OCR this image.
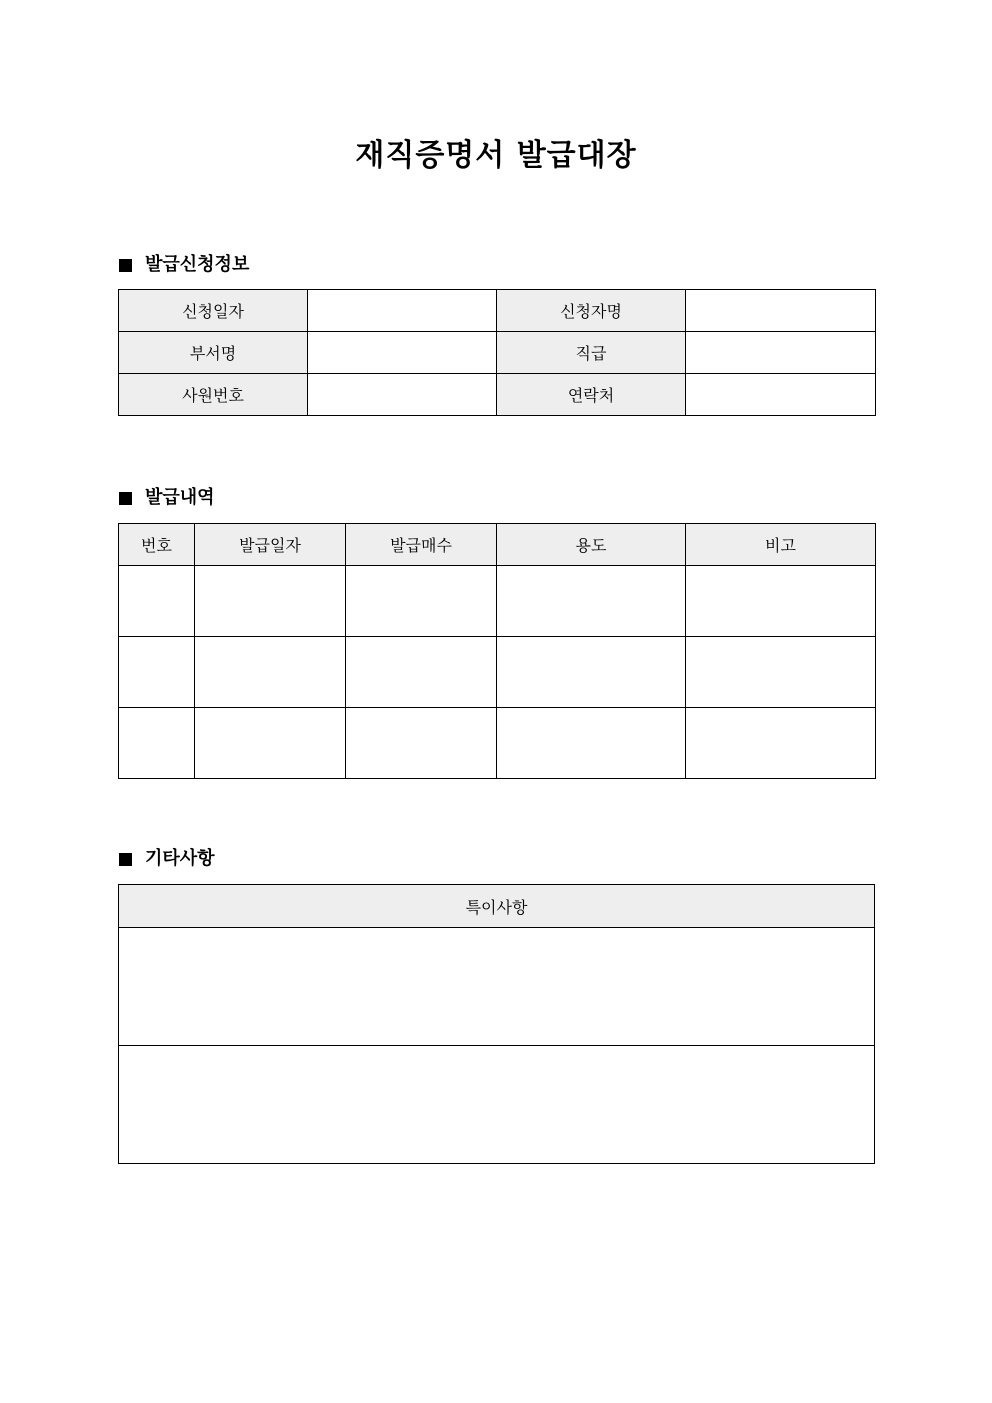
재직증명서 발급대장
발급신청정보
신청일자		신청자명	
부서명		직급	
사원번호		연락처	
발급내역
번호	발급일자	발급매수	용도	비고

기타사항
특이사항
